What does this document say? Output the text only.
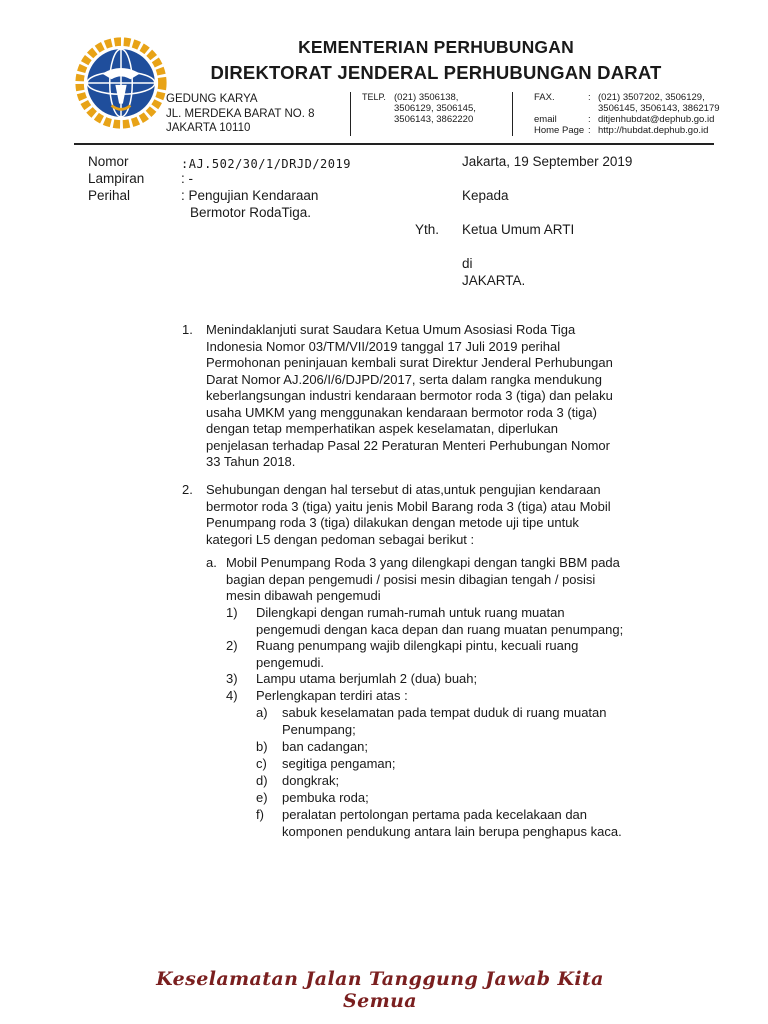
KEMENTERIAN PERHUBUNGAN
DIREKTORAT JENDERAL PERHUBUNGAN DARAT
GEDUNG KARYA
JL. MERDEKA BARAT NO. 8
JAKARTA 10110
TELP. (021) 3506138,
3506129, 3506145,
3506143, 3862220
FAX.	: (021) 3507202, 3506129,
3506145, 3506143, 3862179
email	: ditjenhubdat@dephub.go.id
Home Page : http://hubdat.dephub.go.id
Nomor
Lampiran
Perihal
:AJ.502/30/1/DRJD/2019
: -
: Pengujian Kendaraan
Bermotor RodaTiga.
Jakarta, 19 September 2019
Kepada
Yth. Ketua Umum ARTI
di
JAKARTA.
1. Menindaklanjuti surat Saudara Ketua Umum Asosiasi Roda Tiga
Indonesia Nomor 03/TM/VII/2019 tanggal 17 Juli 2019 perihal
Permohonan peninjauan kembali surat Direktur Jenderal Perhubungan
Darat Nomor AJ.206/I/6/DJPD/2017, serta dalam rangka mendukung
keberlangsungan industri kendaraan bermotor roda 3 (tiga) dan pelaku
usaha UMKM yang menggunakan kendaraan bermotor roda 3 (tiga)
dengan tetap memperhatikan aspek keselamatan, diperlukan
penjelasan terhadap Pasal 22 Peraturan Menteri Perhubungan Nomor
33 Tahun 2018.
2. Sehubungan dengan hal tersebut di atas,untuk pengujian kendaraan
bermotor roda 3 (tiga) yaitu jenis Mobil Barang roda 3 (tiga) atau Mobil
Penumpang roda 3 (tiga) dilakukan dengan metode uji tipe untuk
kategori L5 dengan pedoman sebagai berikut :
a. Mobil Penumpang Roda 3 yang dilengkapi dengan tangki BBM pada
bagian depan pengemudi / posisi mesin dibagian tengah / posisi
mesin dibawah pengemudi
1) Dilengkapi dengan rumah-rumah untuk ruang muatan
pengemudi dengan kaca depan dan ruang muatan penumpang;
2) Ruang penumpang wajib dilengkapi pintu, kecuali ruang
pengemudi.
3) Lampu utama berjumlah 2 (dua) buah;
4) Perlengkapan terdiri atas :
a) sabuk keselamatan pada tempat duduk di ruang muatan
Penumpang;
b) ban cadangan;
c) segitiga pengaman;
d) dongkrak;
e) pembuka roda;
f) peralatan pertolongan pertama pada kecelakaan dan
komponen pendukung antara lain berupa penghapus kaca.
Keselamatan Jalan Tanggung Jawab Kita Semua
